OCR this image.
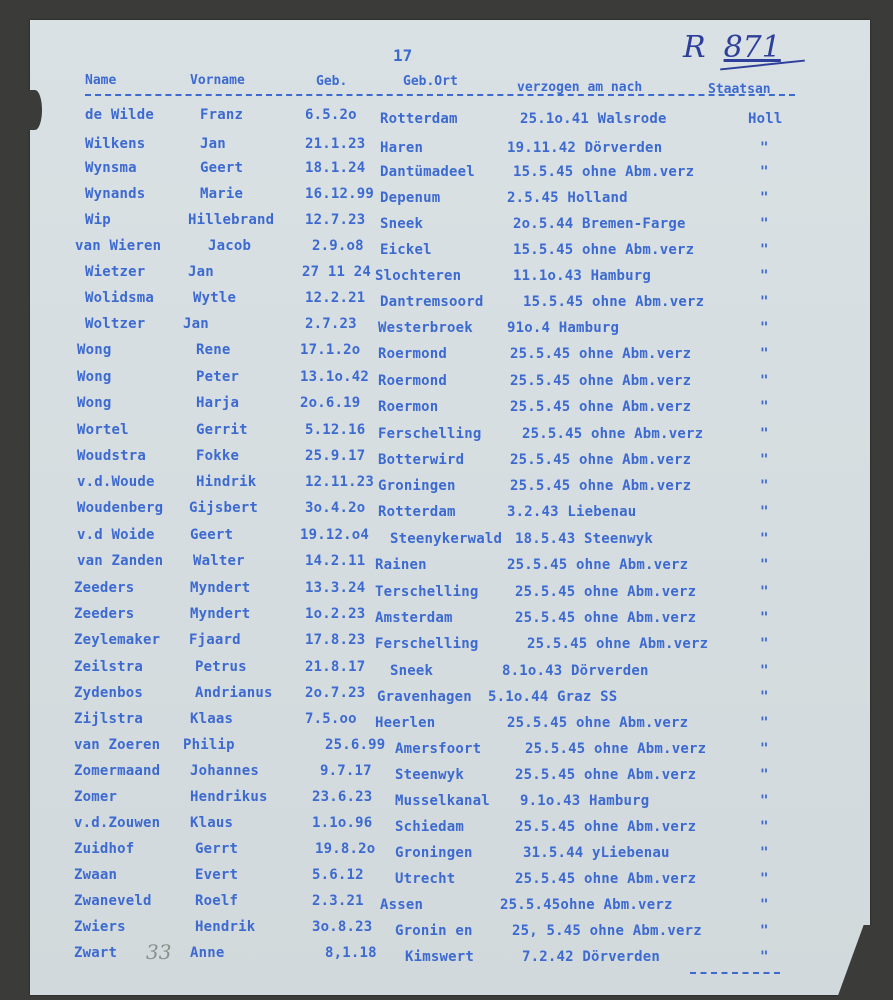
17	R 871
Name	Vorname	Geb.	Geb.Ort	verzogen am nach	Staatsan
de Wilde	Franz	6.5.2o Rotterdam	25.1o.41 Walsrode	Holl
Wilkens	Jan	21.1.23 Haren	19.11.42 Dörverden	"
Wynsma	Geert	18.1.24 Dantümadeel	15.5.45 ohne Abm.verz	"
Wynands	Marie	16.12.99 Depenum	2.5.45 Holland	"
Wip	Hillebrand 12.7.23 Sneek	2o.5.44 Bremen-Farge	"
van Wieren	Jacob	2.9.o8 Eickel	15.5.45 ohne Abm.verz	"
Wietzer	Jan	27 11 24 Slochteren	11.1o.43 Hamburg	"
Wolidsma	Wytle	12.2.21 Dantremsoord	15.5.45 ohne Abm.verz	"
Woltzer	Jan	2.7.23 Westerbroek 91o.4 Hamburg	"
Wong	Rene	17.1.2o Roermond	25.5.45 ohne Abm.verz	"
Wong	Peter	13.1o.42 Roermond	25.5.45 ohne Abm.verz	"
Wong	Harja	2o.6.19 Roermon	25.5.45 ohne Abm.verz	"
Wortel	Gerrit	5.12.16 Ferschelling	25.5.45 ohne Abm.verz	"
Woudstra	Fokke	25.9.17 Botterwird	25.5.45 ohne Abm.verz	"
v.d.Woude	Hindrik	12.11.23 Groningen	25.5.45 ohne Abm.verz	"
Woudenberg Gijsbert	3o.4.2o Rotterdam	3.2.43 Liebenau	"
v.d Woide	Geert	19.12.o4 Steenykerwald 18.5.43 Steenwyk	"
van Zanden Walter	14.2.11 Rainen	25.5.45 ohne Abm.verz	"
Zeeders	Myndert	13.3.24 Terschelling	25.5.45 ohne Abm.verz	"
Zeeders	Myndert	1o.2.23 Amsterdam	25.5.45 ohne Abm.verz	"
Zeylemaker Fjaard	17.8.23 Ferschelling	25.5.45 ohne Abm.verz	"
Zeilstra	Petrus	21.8.17 Sneek	8.1o.43 Dörverden	"
Zydenbos	Andrianus 2o.7.23 Gravenhagen 5.1o.44 Graz SS	"
Zijlstra	Klaas	7.5.oo Heerlen	25.5.45 ohne Abm.verz	"
van Zoeren Philip	25.6.99 Amersfoort	25.5.45 ohne Abm.verz	"
Zomermaand Johannes	9.7.17 Steenwyk	25.5.45 ohne Abm.verz	"
Zomer	Hendrikus	23.6.23 Musselkanal 9.1o.43 Hamburg	"
v.d.Zouwen Klaus	1.1o.96 Schiedam	25.5.45 ohne Abm.verz	"
Zuidhof	Gerrt	19.8.2o Groningen	31.5.44 yLiebenau	"
Zwaan	Evert	5.6.12 Utrecht	25.5.45 ohne Abm.verz	"
Zwaneveld	Roelf	2.3.21 Assen	25.5.45ohne Abm.verz	"
Zwiers	Hendrik	3o.8.23 Gronin en	25, 5.45 ohne Abm.verz	"
Zwart	Anne	8,1.18 Kimswert	7.2.42 Dörverden	"
33
